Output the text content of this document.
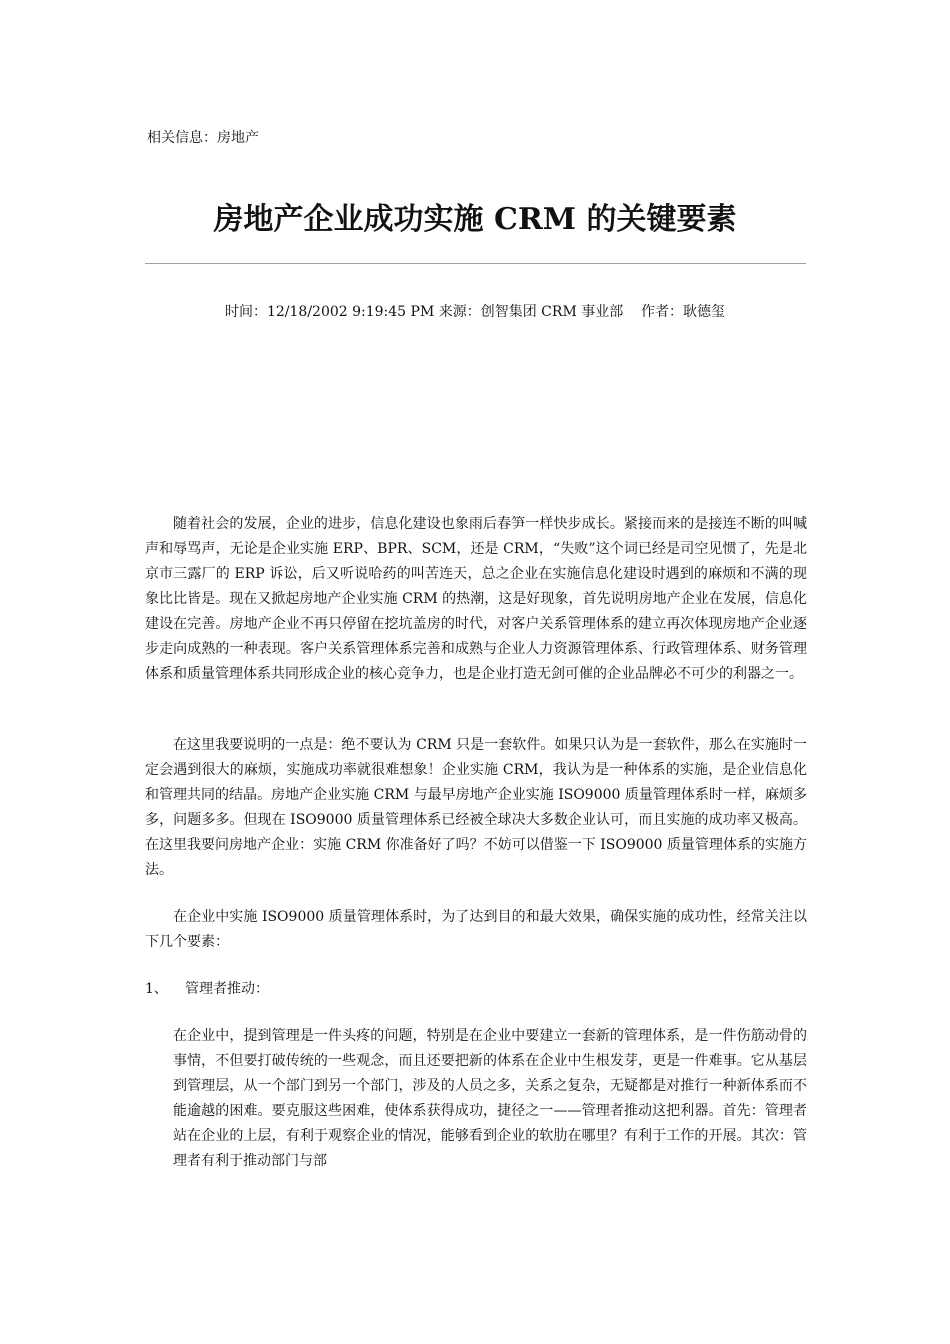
相关信息：房地产
房地产企业成功实施 CRM 的关键要素
时间：12/18/2002 9:19:45 PM 来源：创智集团 CRM 事业部    作者：耿德玺

随着社会的发展，企业的进步，信息化建设也象雨后春笋一样快步成长。紧接而来的是接连不断的叫喊声和辱骂声，无论是企业实施 ERP、BPR、SCM，还是 CRM，“失败”这个词已经是司空见惯了，先是北京市三露厂的 ERP 诉讼，后又听说哈药的叫苦连天，总之企业在实施信息化建设时遇到的麻烦和不满的现象比比皆是。现在又掀起房地产企业实施 CRM 的热潮，这是好现象，首先说明房地产企业在发展，信息化建设在完善。房地产企业不再只停留在挖坑盖房的时代，对客户关系管理体系的建立再次体现房地产企业逐步走向成熟的一种表现。客户关系管理体系完善和成熟与企业人力资源管理体系、行政管理体系、财务管理体系和质量管理体系共同形成企业的核心竞争力，也是企业打造无剑可催的企业品牌必不可少的利器之一。

在这里我要说明的一点是：绝不要认为 CRM 只是一套软件。如果只认为是一套软件，那么在实施时一定会遇到很大的麻烦，实施成功率就很难想象！企业实施 CRM，我认为是一种体系的实施，是企业信息化和管理共同的结晶。房地产企业实施 CRM 与最早房地产企业实施 ISO9000 质量管理体系时一样，麻烦多多，问题多多。但现在 ISO9000 质量管理体系已经被全球决大多数企业认可，而且实施的成功率又极高。在这里我要问房地产企业：实施 CRM 你准备好了吗？不妨可以借鉴一下 ISO9000 质量管理体系的实施方法。

在企业中实施 ISO9000 质量管理体系时，为了达到目的和最大效果，确保实施的成功性，经常关注以下几个要素：

1、 管理者推动：

在企业中，提到管理是一件头疼的问题，特别是在企业中要建立一套新的管理体系，是一件伤筋动骨的事情，不但要打破传统的一些观念，而且还要把新的体系在企业中生根发芽，更是一件难事。它从基层到管理层，从一个部门到另一个部门，涉及的人员之多，关系之复杂，无疑都是对推行一种新体系而不能逾越的困难。要克服这些困难，使体系获得成功，捷径之一——管理者推动这把利器。首先：管理者站在企业的上层，有利于观察企业的情况，能够看到企业的软肋在哪里？有利于工作的开展。其次：管理者有利于推动部门与部
